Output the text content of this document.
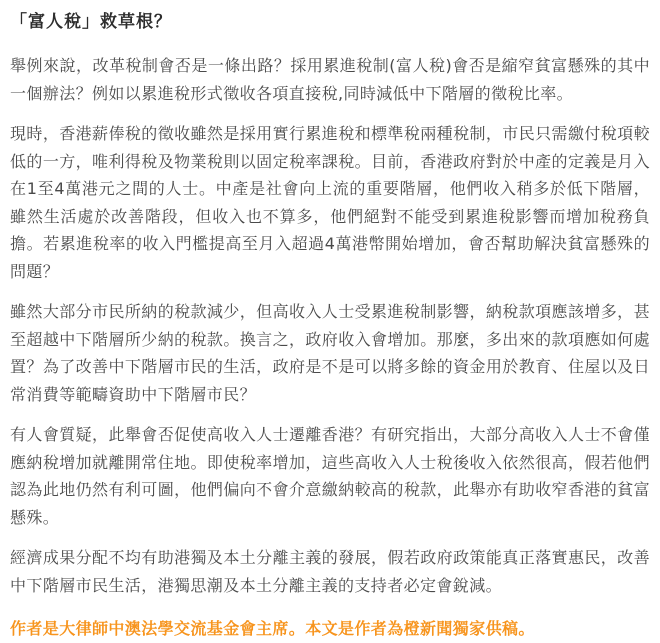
「富人稅」救草根？

舉例來說，改革稅制會否是一條出路？採用累進稅制(富人稅)會否是縮窄貧富懸殊的其中一個辦法？例如以累進稅形式徵收各項直接稅,同時減低中下階層的徵稅比率。

現時，香港薪俸稅的徵收雖然是採用實行累進稅和標準稅兩種稅制，市民只需繳付稅項較低的一方，唯利得稅及物業稅則以固定稅率課稅。目前，香港政府對於中產的定義是月入在1至4萬港元之間的人士。中產是社會向上流的重要階層，他們收入稍多於低下階層，雖然生活處於改善階段，但收入也不算多，他們絕對不能受到累進稅影響而增加稅務負擔。若累進稅率的收入門檻提高至月入超過4萬港幣開始增加，會否幫助解決貧富懸殊的問題？

雖然大部分市民所納的稅款減少，但高收入人士受累進稅制影響，納稅款項應該增多，甚至超越中下階層所少納的稅款。換言之，政府收入會增加。那麼，多出來的款項應如何處置？為了改善中下階層市民的生活，政府是不是可以將多餘的資金用於教育、住屋以及日常消費等範疇資助中下階層市民？

有人會質疑，此舉會否促使高收入人士遷離香港？有研究指出，大部分高收入人士不會僅應納稅增加就離開常住地。即使稅率增加，這些高收入人士稅後收入依然很高，假若他們認為此地仍然有利可圖，他們偏向不會介意繳納較高的稅款，此舉亦有助收窄香港的貧富懸殊。

經濟成果分配不均有助港獨及本土分離主義的發展，假若政府政策能真正落實惠民，改善中下階層市民生活，港獨思潮及本土分離主義的支持者必定會銳減。

作者是大律師中澳法學交流基金會主席。本文是作者為橙新聞獨家供稿。
